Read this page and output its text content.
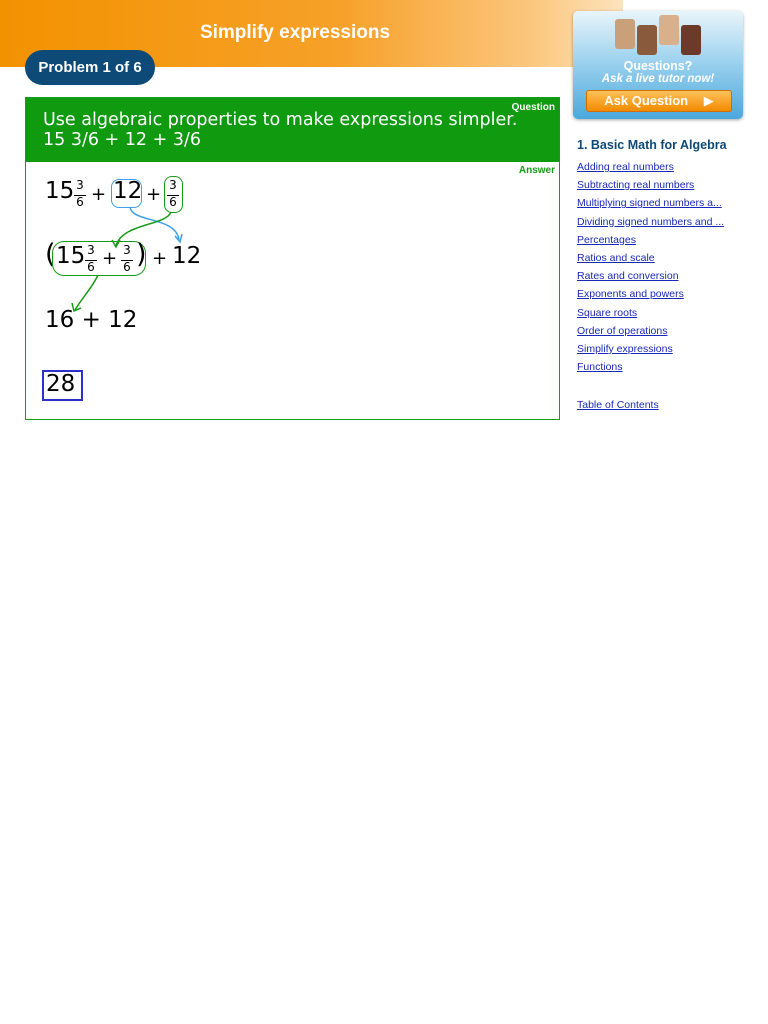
Simplify expressions
Problem 1 of 6
Question
Use algebraic properties to make expressions simpler.
15 3/6 + 12 + 3/6
Answer
15 3
6 + 12 + 3
6
( 15 3
6 + 3
6 ) + 12
16 + 12
28
Questions?
Ask a live tutor now!
Ask Question ▶
1. Basic Math for Algebra
Adding real numbers
Subtracting real numbers
Multiplying signed numbers a...
Dividing signed numbers and ...
Percentages
Ratios and scale
Rates and conversion
Exponents and powers
Square roots
Order of operations
Simplify expressions
Functions
Table of Contents
